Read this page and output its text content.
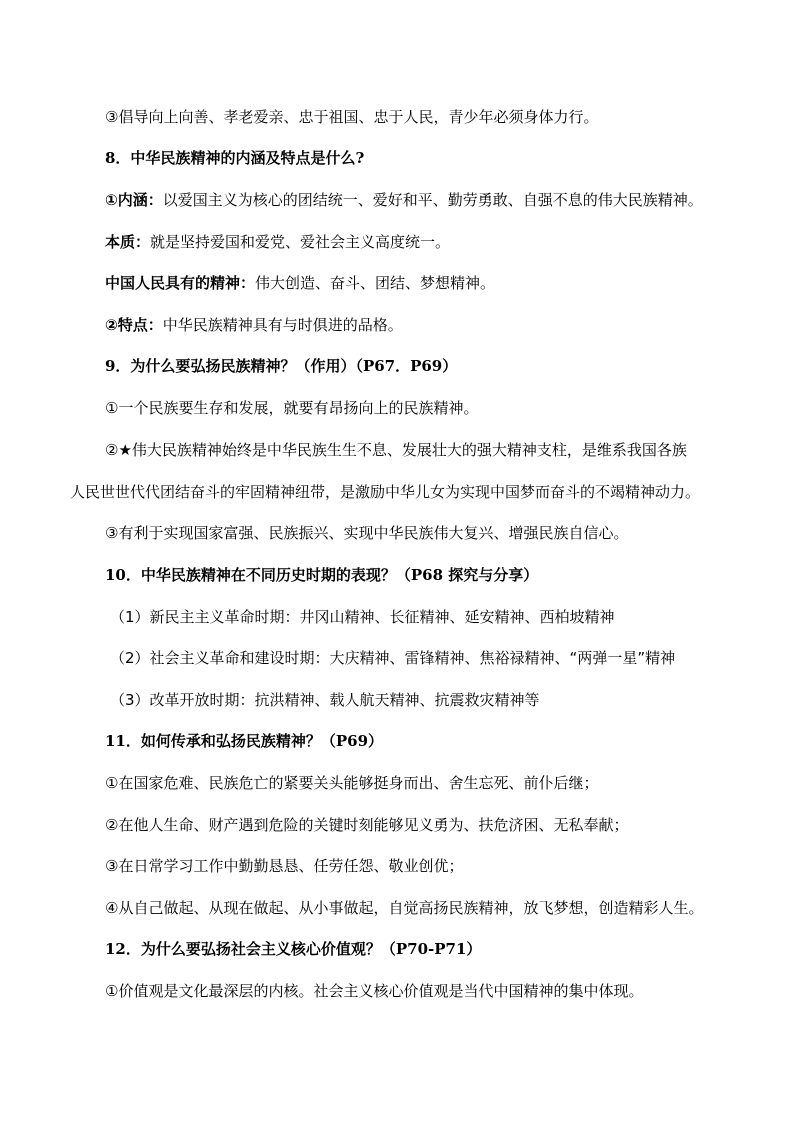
③倡导向上向善、孝老爱亲、忠于祖国、忠于人民，青少年必须身体力行。
8．中华民族精神的内涵及特点是什么?
①内涵：以爱国主义为核心的团结统一、爱好和平、勤劳勇敢、自强不息的伟大民族精神。
本质：就是坚持爱国和爱党、爱社会主义高度统一。
中国人民具有的精神：伟大创造、奋斗、团结、梦想精神。
②特点：中华民族精神具有与时俱进的品格。
9．为什么要弘扬民族精神？（作用）（P67．P69）
①一个民族要生存和发展，就要有昂扬向上的民族精神。
②★伟大民族精神始终是中华民族生生不息、发展壮大的强大精神支柱，是维系我国各族
人民世世代代团结奋斗的牢固精神纽带，是激励中华儿女为实现中国梦而奋斗的不竭精神动力。
③有利于实现国家富强、民族振兴、实现中华民族伟大复兴、增强民族自信心。
10．中华民族精神在不同历史时期的表现？（P68 探究与分享）
（1）新民主主义革命时期：井冈山精神、长征精神、延安精神、西柏坡精神
（2）社会主义革命和建设时期：大庆精神、雷锋精神、焦裕禄精神、“两弹一星”精神
（3）改革开放时期：抗洪精神、载人航天精神、抗震救灾精神等
11．如何传承和弘扬民族精神？（P69）
①在国家危难、民族危亡的紧要关头能够挺身而出、舍生忘死、前仆后继；
②在他人生命、财产遇到危险的关键时刻能够见义勇为、扶危济困、无私奉献；
③在日常学习工作中勤勤恳恳、任劳任怨、敬业创优；
④从自己做起、从现在做起、从小事做起，自觉高扬民族精神，放飞梦想，创造精彩人生。
12．为什么要弘扬社会主义核心价值观？（P70-P71）
①价值观是文化最深层的内核。社会主义核心价值观是当代中国精神的集中体现。
